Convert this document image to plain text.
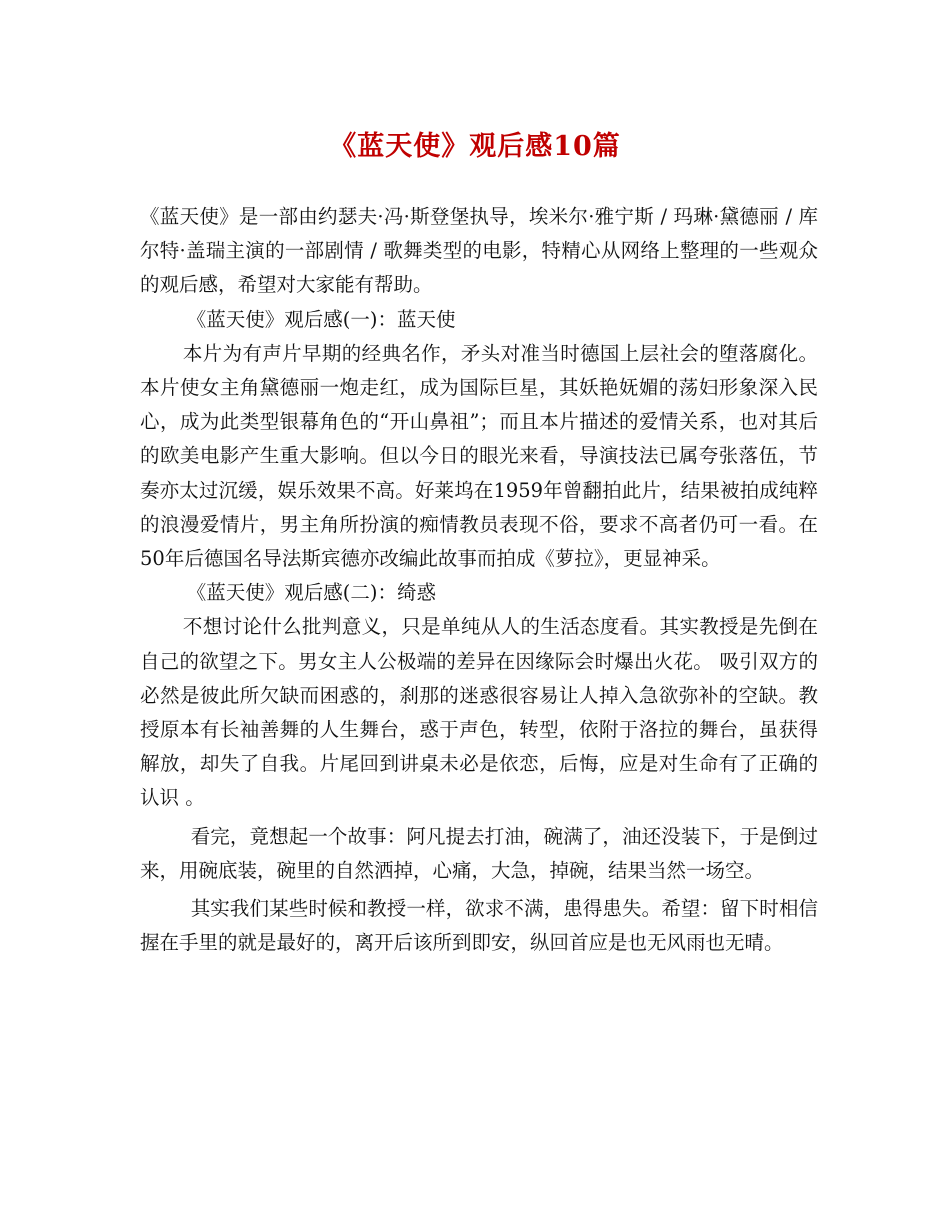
《蓝天使》观后感10篇

《蓝天使》是一部由约瑟夫·冯·斯登堡执导，埃米尔·雅宁斯 / 玛琳·黛德丽 / 库尔特·盖瑞主演的一部剧情 / 歌舞类型的电影，特精心从网络上整理的一些观众的观后感，希望对大家能有帮助。

《蓝天使》观后感(一)：蓝天使

本片为有声片早期的经典名作，矛头对准当时德国上层社会的堕落腐化。本片使女主角黛德丽一炮走红，成为国际巨星，其妖艳妩媚的荡妇形象深入民心，成为此类型银幕角色的“开山鼻祖”；而且本片描述的爱情关系，也对其后的欧美电影产生重大影响。但以今日的眼光来看，导演技法已属夸张落伍，节奏亦太过沉缓，娱乐效果不高。好莱坞在1959年曾翻拍此片，结果被拍成纯粹的浪漫爱情片，男主角所扮演的痴情教员表现不俗，要求不高者仍可一看。在50年后德国名导法斯宾德亦改编此故事而拍成《萝拉》，更显神采。

《蓝天使》观后感(二)：绮惑

不想讨论什么批判意义，只是单纯从人的生活态度看。其实教授是先倒在自己的欲望之下。男女主人公极端的差异在因缘际会时爆出火花。 吸引双方的必然是彼此所欠缺而困惑的，刹那的迷惑很容易让人掉入急欲弥补的空缺。教授原本有长袖善舞的人生舞台，惑于声色，转型，依附于洛拉的舞台，虽获得解放，却失了自我。片尾回到讲桌未必是依恋，后悔，应是对生命有了正确的认识 。

看完，竟想起一个故事：阿凡提去打油，碗满了，油还没装下，于是倒过来，用碗底装，碗里的自然洒掉，心痛，大急，掉碗，结果当然一场空。

其实我们某些时候和教授一样，欲求不满，患得患失。希望：留下时相信握在手里的就是最好的，离开后该所到即安，纵回首应是也无风雨也无晴。
